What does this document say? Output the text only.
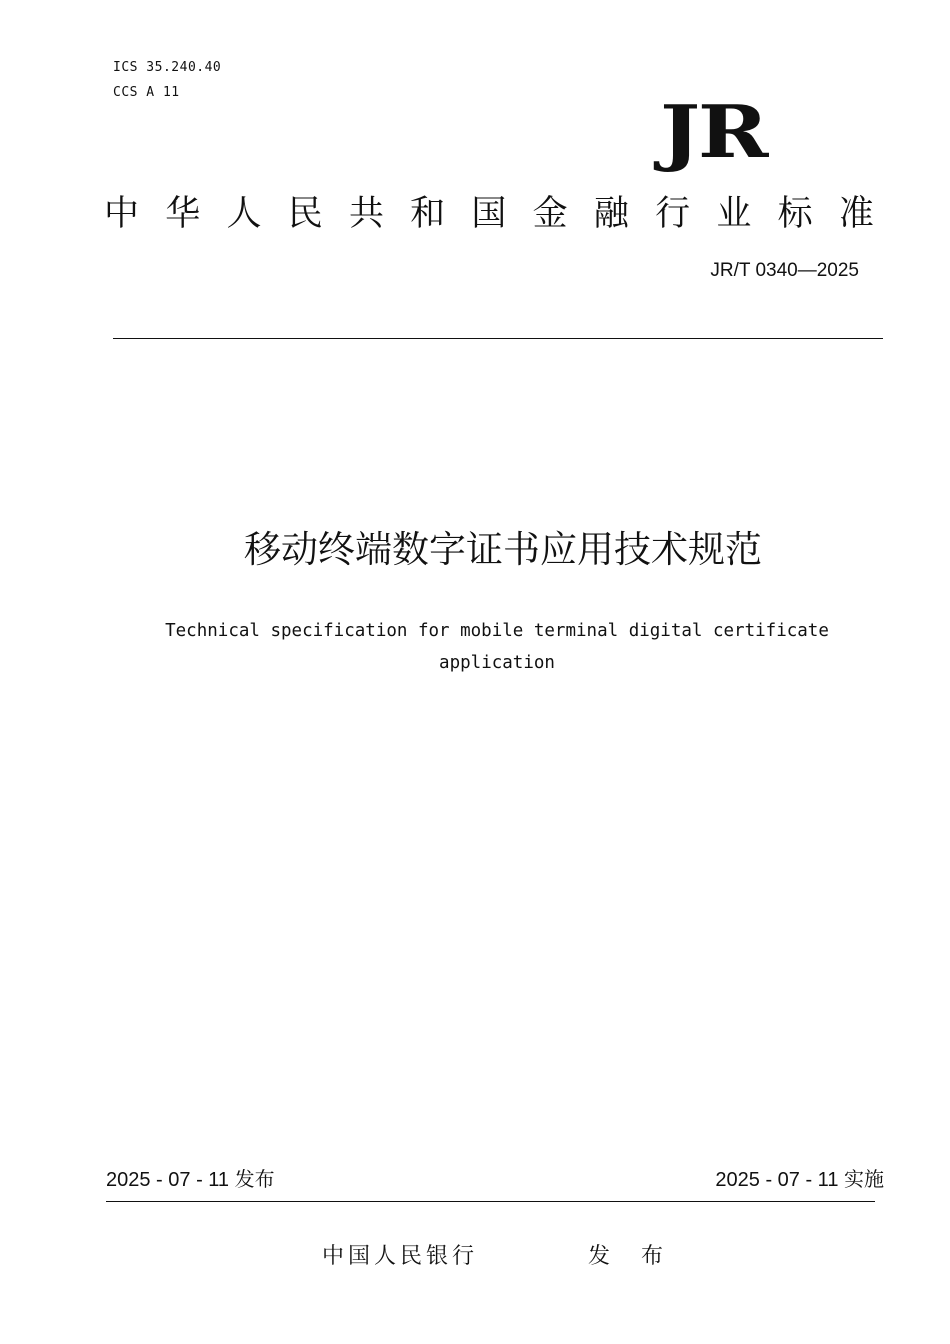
ICS 35.240.40
CCS A 11	JR
中 华 人 民 共 和 国 金 融 行 业 标 准
JR/T 0340—2025
移动终端数字证书应用技术规范
Technical specification for mobile terminal digital certificate
application
2025 - 07 - 11 发布	2025 - 07 - 11 实施
中国人民银行	发 布
